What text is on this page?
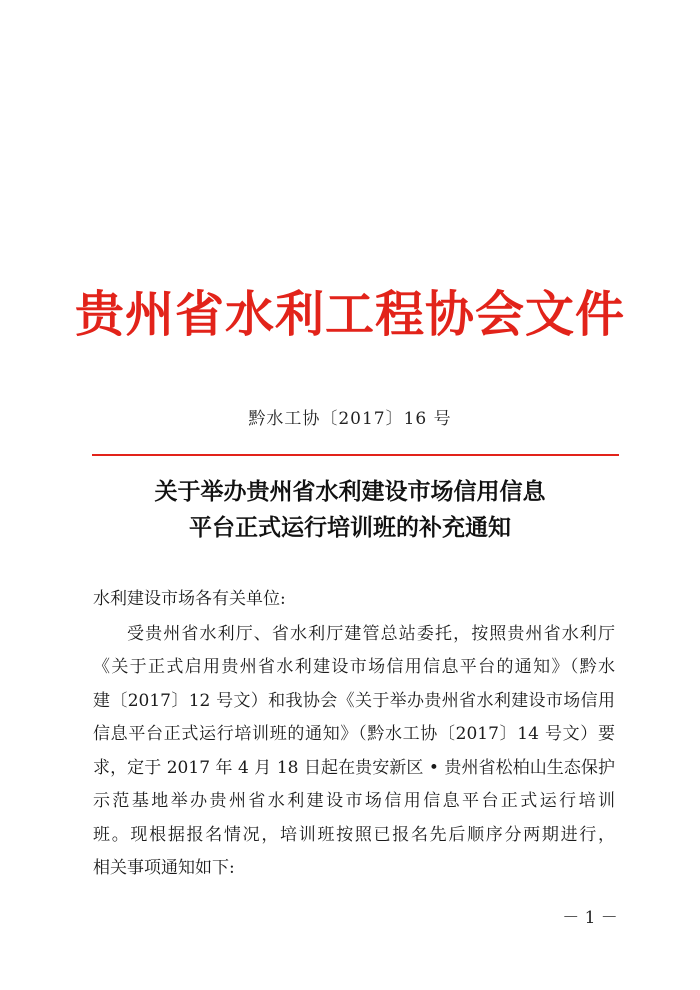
贵州省水利工程协会文件
黔水工协〔2017〕16 号
关于举办贵州省水利建设市场信用信息
平台正式运行培训班的补充通知
水利建设市场各有关单位:
受贵州省水利厅、省水利厅建管总站委托，按照贵州省水利厅
《关于正式启用贵州省水利建设市场信用信息平台的通知》（黔水
建〔2017〕12 号文）和我协会《关于举办贵州省水利建设市场信用
信息平台正式运行培训班的通知》（黔水工协〔2017〕14 号文）要
求，定于 2017 年 4 月 18 日起在贵安新区 • 贵州省松柏山生态保护
示范基地举办贵州省水利建设市场信用信息平台正式运行培训
班。现根据报名情况，培训班按照已报名先后顺序分两期进行，
相关事项通知如下:
－ 1 －
